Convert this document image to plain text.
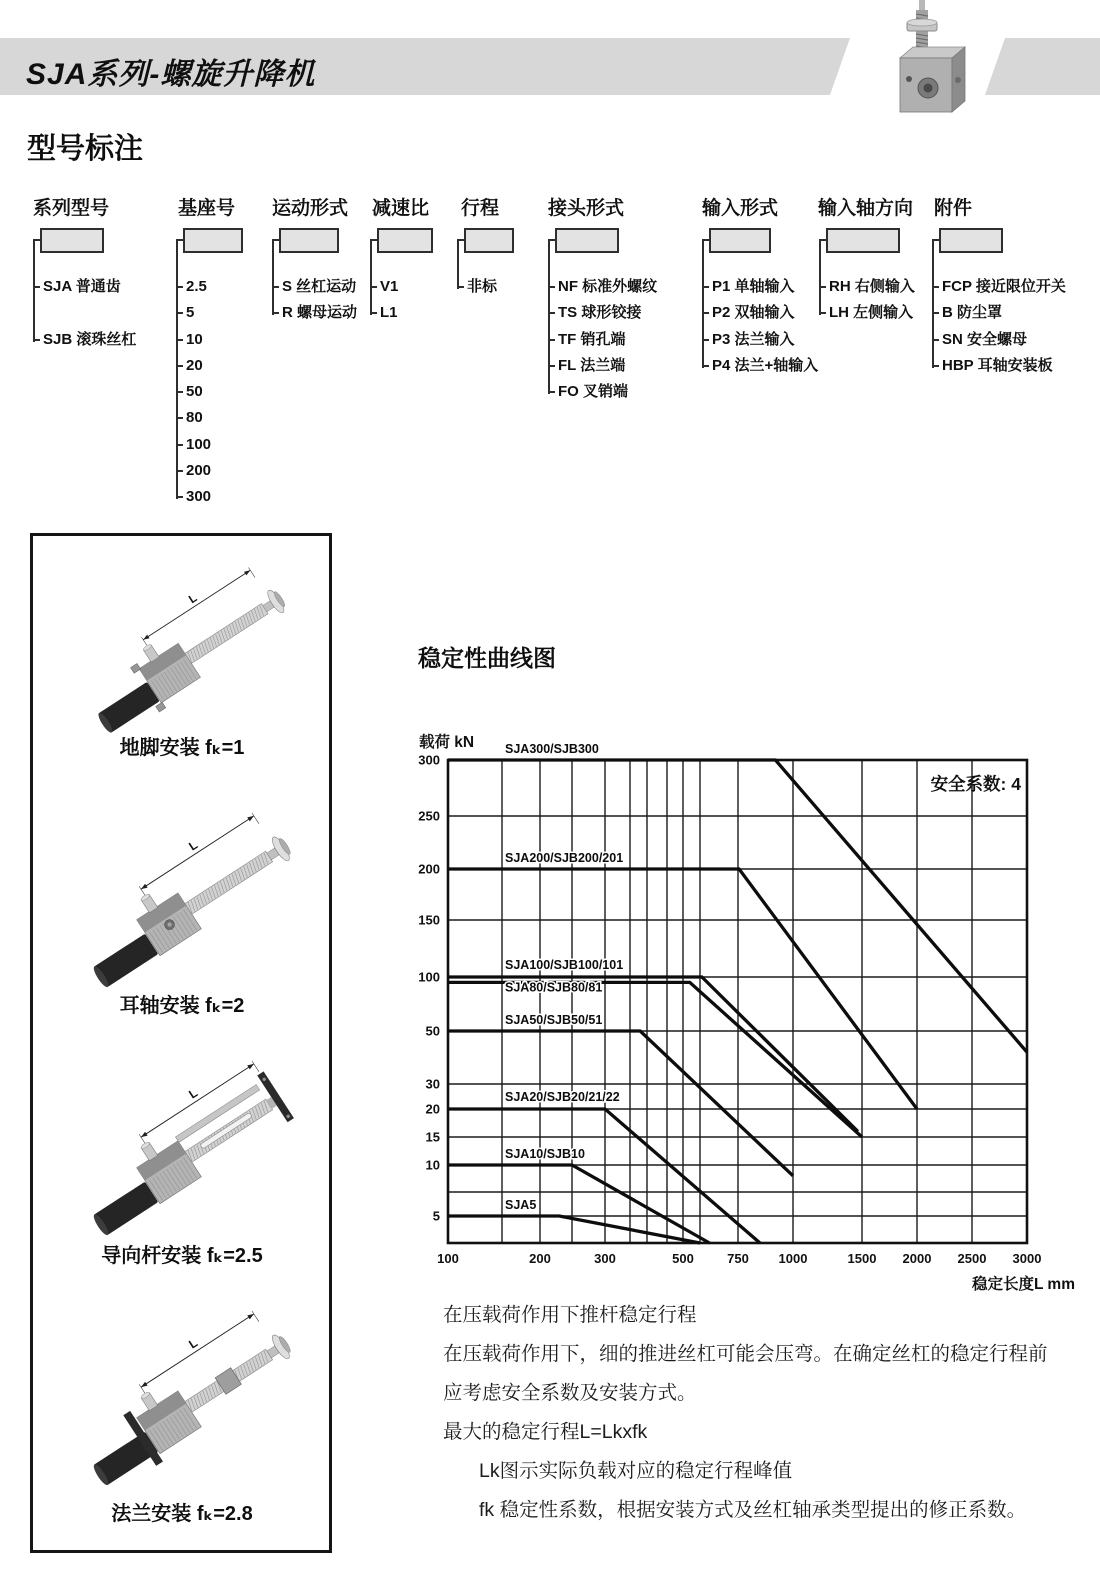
SJA系列-螺旋升降机
型号标注
系列型号
SJA 普通齿
SJB 滚珠丝杠
基座号
2.5
5
10
20
50
80
100
200
300
运动形式
S 丝杠运动
R 螺母运动
减速比
V1
L1
行程
非标
接头形式
NF 标准外螺纹
TS 球形铰接
TF 销孔端
FL 法兰端
FO 叉销端
输入形式
P1 单轴输入
P2 双轴输入
P3 法兰输入
P4 法兰+轴输入
输入轴方向
RH 右侧输入
LH 左侧输入
附件
FCP 接近限位开关
B 防尘罩
SN 安全螺母
HBP 耳轴安装板
L
地脚安装 fₖ=1
L
耳轴安装 fₖ=2
L
导向杆安装 fₖ=2.5
L
法兰安装 fₖ=2.8
稳定性曲线图
SJA300/SJB300
SJA200/SJB200/201
SJA100/SJB100/101
SJA80/SJB80/81
SJA50/SJB50/51
SJA20/SJB20/21/22
SJA10/SJB10
SJA5
100	200	300	500	750 1000	1500 2000 2500 3000
300
250
200
150
100
50
30
20
15
10
5
载荷 kN
稳定长度L mm
安全系数: 4
在压载荷作用下推杆稳定行程
在压载荷作用下，细的推进丝杠可能会压弯。在确定丝杠的稳定行程前
应考虑安全系数及安装方式。
最大的稳定行程L=Lkxfk
Lk图示实际负载对应的稳定行程峰值
fk 稳定性系数，根据安装方式及丝杠轴承类型提出的修正系数。
